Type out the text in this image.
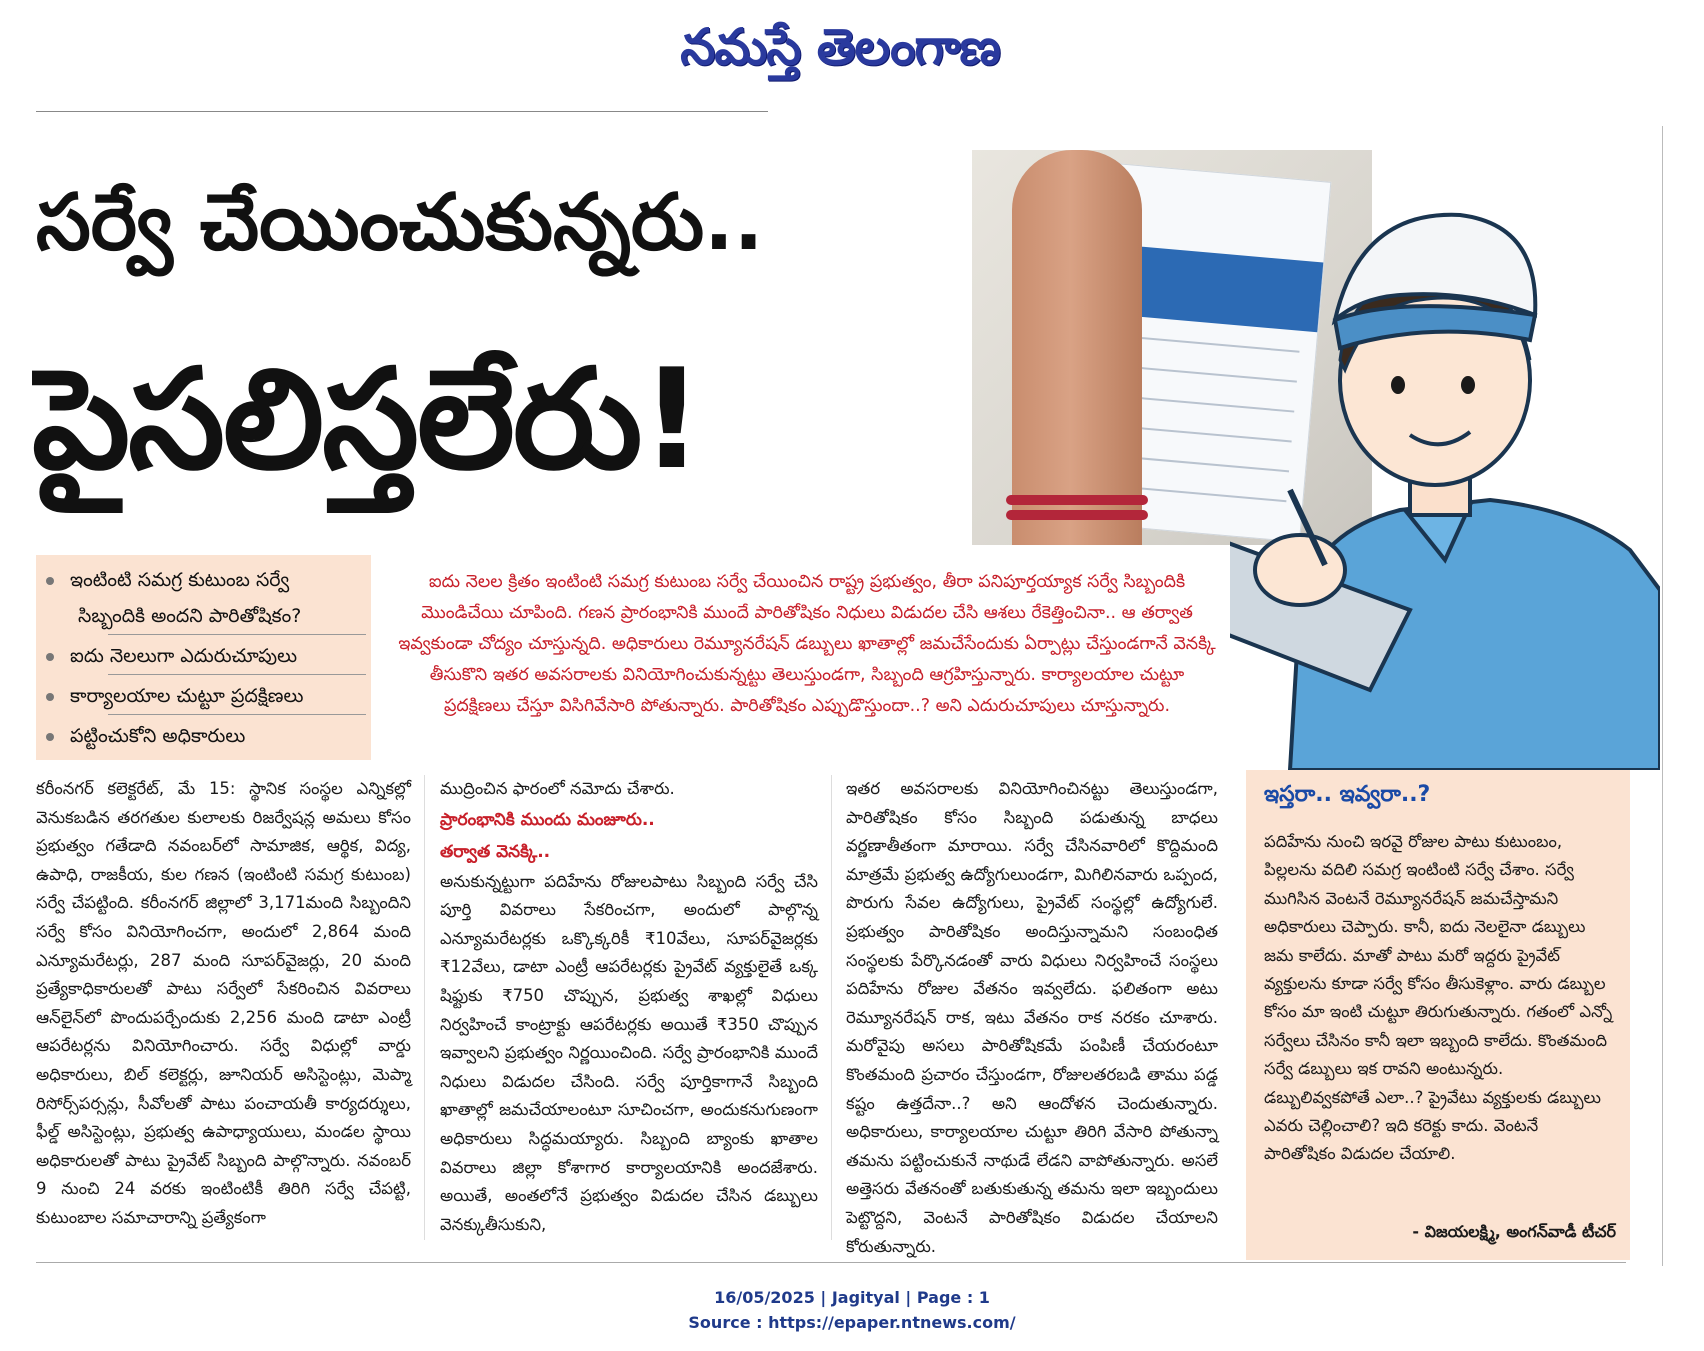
నమస్తే తెలంగాణ
సర్వే చేయించుకున్నరు..
పైసలిస్తలేరు!
ఇంటింటి సమగ్ర కుటుంబ సర్వే
సిబ్బందికి అందని పారితోషికం?
ఐదు నెలలుగా ఎదురుచూపులు
కార్యాలయాల చుట్టూ ప్రదక్షిణలు
పట్టించుకోని అధికారులు
ఐదు నెలల క్రితం ఇంటింటి సమగ్ర కుటుంబ సర్వే చేయించిన రాష్ట్ర ప్రభుత్వం, తీరా పనిపూర్తయ్యాక సర్వే సిబ్బందికి మొండిచేయి చూపింది. గణన ప్రారంభానికి ముందే పారితోషికం నిధులు విడుదల చేసి ఆశలు రేకెత్తించినా.. ఆ తర్వాత ఇవ్వకుండా చోద్యం చూస్తున్నది. అధికారులు రెమ్యూనరేషన్ డబ్బులు ఖాతాల్లో జమచేసేందుకు ఏర్పాట్లు చేస్తుండగానే వెనక్కి తీసుకొని ఇతర అవసరాలకు వినియోగించుకున్నట్టు తెలుస్తుండగా, సిబ్బంది ఆగ్రహిస్తున్నారు. కార్యాలయాల చుట్టూ ప్రదక్షిణలు చేస్తూ విసిగివేసారి పోతున్నారు. పారితోషికం ఎప్పుడొస్తుందా..? అని ఎదురుచూపులు చూస్తున్నారు.
కరీంనగర్ కలెక్టరేట్, మే 15: స్థానిక సంస్థల ఎన్నికల్లో వెనుకబడిన తరగతుల కులాలకు రిజర్వేషన్ల అమలు కోసం ప్రభుత్వం గతేడాది నవంబర్‌లో సామాజిక, ఆర్థిక, విద్య, ఉపాధి, రాజకీయ, కుల గణన (ఇంటింటి సమగ్ర కుటుంబ) సర్వే చేపట్టింది. కరీంనగర్ జిల్లాలో 3,171మంది సిబ్బందిని సర్వే కోసం వినియోగించగా, అందులో 2,864 మంది ఎన్యూమరేటర్లు, 287 మంది సూపర్‌వైజర్లు, 20 మంది ప్రత్యేకాధికారులతో పాటు సర్వేలో సేకరించిన వివరాలు ఆన్‌లైన్‌లో పొందుపర్చేందుకు 2,256 మంది డాటా ఎంట్రీ ఆపరేటర్లను వినియోగించారు. సర్వే విధుల్లో వార్డు అధికారులు, బిల్ కలెక్టర్లు, జూనియర్ అసిస్టెంట్లు, మెప్మా రిసోర్స్‌పర్సన్లు, సీవోలతో పాటు పంచాయతీ కార్యదర్శులు, ఫీల్డ్ అసిస్టెంట్లు, ప్రభుత్వ ఉపాధ్యాయులు, మండల స్థాయి అధికారులతో పాటు ప్రైవేట్ సిబ్బంది పాల్గొన్నారు. నవంబర్ 9 నుంచి 24 వరకు ఇంటింటికీ తిరిగి సర్వే చేపట్టి, కుటుంబాల సమాచారాన్ని ప్రత్యేకంగా
ముద్రించిన ఫారంలో నమోదు చేశారు.
ప్రారంభానికి ముందు మంజూరు..
తర్వాత వెనక్కి..
అనుకున్నట్టుగా పదిహేను రోజులపాటు సిబ్బంది సర్వే చేసి పూర్తి వివరాలు సేకరించగా, అందులో పాల్గొన్న ఎన్యూమరేటర్లకు ఒక్కొక్కరికీ ₹10వేలు, సూపర్‌వైజర్లకు ₹12వేలు, డాటా ఎంట్రీ ఆపరేటర్లకు ప్రైవేట్ వ్యక్తులైతే ఒక్క షిఫ్టుకు ₹750 చొప్పున, ప్రభుత్వ శాఖల్లో విధులు నిర్వహించే కాంట్రాక్టు ఆపరేటర్లకు అయితే ₹350 చొప్పున ఇవ్వాలని ప్రభుత్వం నిర్ణయించింది. సర్వే ప్రారంభానికి ముందే నిధులు విడుదల చేసింది. సర్వే పూర్తికాగానే సిబ్బంది ఖాతాల్లో జమచేయాలంటూ సూచించగా, అందుకనుగుణంగా అధికారులు సిద్ధమయ్యారు. సిబ్బంది బ్యాంకు ఖాతాల వివరాలు జిల్లా కోశాగార కార్యాలయానికి అందజేశారు. అయితే, అంతలోనే ప్రభుత్వం విడుదల చేసిన డబ్బులు వెనక్కుతీసుకుని,
ఇతర అవసరాలకు వినియోగించినట్టు తెలుస్తుండగా, పారితోషికం కోసం సిబ్బంది పడుతున్న బాధలు వర్ణణాతీతంగా మారాయి. సర్వే చేసినవారిలో కొద్దిమంది మాత్రమే ప్రభుత్వ ఉద్యోగులుండగా, మిగిలినవారు ఒప్పంద, పొరుగు సేవల ఉద్యోగులు, ప్రైవేట్ సంస్థల్లో ఉద్యోగులే. ప్రభుత్వం పారితోషికం అందిస్తున్నామని సంబంధిత సంస్థలకు పేర్కొనడంతో వారు విధులు నిర్వహించే సంస్థలు పదిహేను రోజుల వేతనం ఇవ్వలేదు. ఫలితంగా అటు రెమ్యూనరేషన్ రాక, ఇటు వేతనం రాక నరకం చూశారు. మరోవైపు అసలు పారితోషికమే పంపిణీ చేయరంటూ కొంతమంది ప్రచారం చేస్తుండగా, రోజులతరబడి తాము పడ్డ కష్టం ఉత్తదేనా..? అని ఆందోళన చెందుతున్నారు. అధికారులు, కార్యాలయాల చుట్టూ తిరిగి వేసారి పోతున్నా తమను పట్టించుకునే నాథుడే లేడని వాపోతున్నారు. అసలే అత్తెసరు వేతనంతో బతుకుతున్న తమను ఇలా ఇబ్బందులు పెట్టొద్దని, వెంటనే పారితోషికం విడుదల చేయాలని కోరుతున్నారు.
ఇస్తరా.. ఇవ్వరా..?
పదిహేను నుంచి ఇరవై రోజుల పాటు కుటుంబం, పిల్లలను వదిలి సమగ్ర ఇంటింటి సర్వే చేశాం. సర్వే ముగిసిన వెంటనే రెమ్యూనరేషన్ జమచేస్తామని అధికారులు చెప్పారు. కానీ, ఐదు నెలలైనా డబ్బులు జమ కాలేదు. మాతో పాటు మరో ఇద్దరు ప్రైవేట్ వ్యక్తులను కూడా సర్వే కోసం తీసుకెళ్లాం. వారు డబ్బుల కోసం మా ఇంటి చుట్టూ తిరుగుతున్నారు. గతంలో ఎన్నో సర్వేలు చేసినం కానీ ఇలా ఇబ్బంది కాలేదు. కొంతమంది సర్వే డబ్బులు ఇక రావని అంటున్నరు. డబ్బులివ్వకపోతే ఎలా..? ప్రైవేటు వ్యక్తులకు డబ్బులు ఎవరు చెల్లించాలి? ఇది కరెక్టు కాదు. వెంటనే పారితోషికం విడుదల చేయాలి.
- విజయలక్ష్మి, అంగన్‌వాడీ టీచర్
16/05/2025 | Jagityal | Page : 1
Source : https://epaper.ntnews.com/
